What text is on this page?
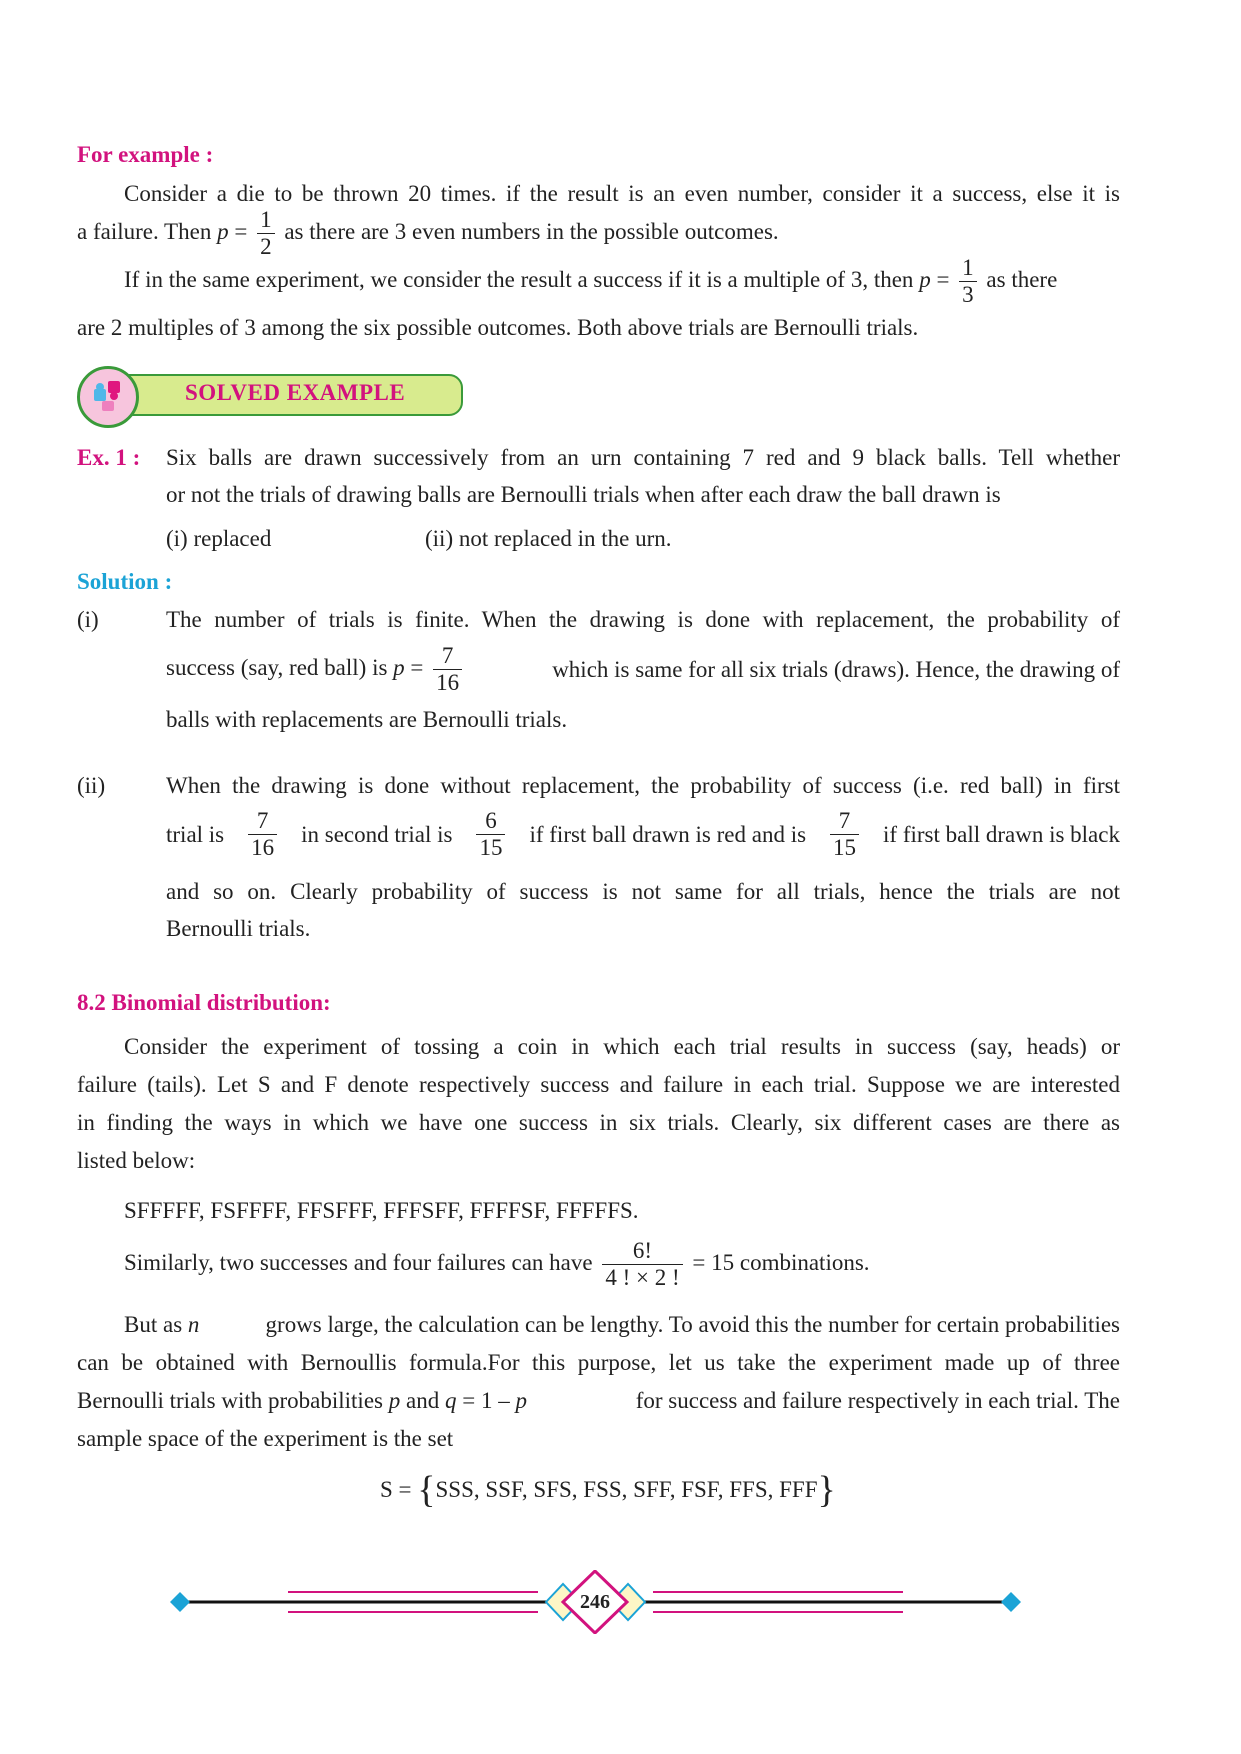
For example :
Consider a die to be thrown 20 times. if the result is an even number, consider it a success, else it is
a failure. Then $p = \frac{1}{2}$ as there are 3 even numbers in the possible outcomes.
If in the same experiment, we consider the result a success if it is a multiple of 3, then $p = \frac{1}{3}$ as there
are 2 multiples of 3 among the six possible outcomes. Both above trials are Bernoulli trials.
SOLVED EXAMPLE
Ex. 1 : Six balls are drawn successively from an urn containing 7 red and 9 black balls. Tell whether
or not the trials of drawing balls are Bernoulli trials when after each draw the ball drawn is
(i) replaced	(ii) not replaced in the urn.
Solution :
(i)	The number of trials is finite. When the drawing is done with replacement, the probability of
success (say, red ball) is $p = \frac{7}{16}$	which is same for all six trials (draws). Hence, the drawing of
balls with replacements are Bernoulli trials.
(ii)	When the drawing is done without replacement, the probability of success (i.e. red ball) in first
trial is $\frac{7}{16}$ in second trial is $\frac{6}{15}$ if first ball drawn is red and is $\frac{7}{15}$ if first ball drawn is black
and so on. Clearly probability of success is not same for all trials, hence the trials are not
Bernoulli trials.
8.2 Binomial distribution:
Consider the experiment of tossing a coin in which each trial results in success (say, heads) or
failure (tails). Let S and F denote respectively success and failure in each trial. Suppose we are interested
in finding the ways in which we have one success in six trials. Clearly, six different cases are there as
listed below:
SFFFFF, FSFFFF, FFSFFF, FFFSFF, FFFFSF, FFFFFS.
Similarly, two successes and four failures can have $\frac{6!}{4 ! \times 2 !} = 15$ combinations.
But as n	grows large, the calculation can be lengthy. To avoid this the number for certain probabilities
can be obtained with Bernoullis formula.For this purpose, let us take the experiment made up of three
Bernoulli trials with probabilities p and q = 1 – p	for success and failure respectively in each trial. The
sample space of the experiment is the set
S = {SSS, SSF, SFS, FSS, SFF, FSF, FFS, FFF}
246
